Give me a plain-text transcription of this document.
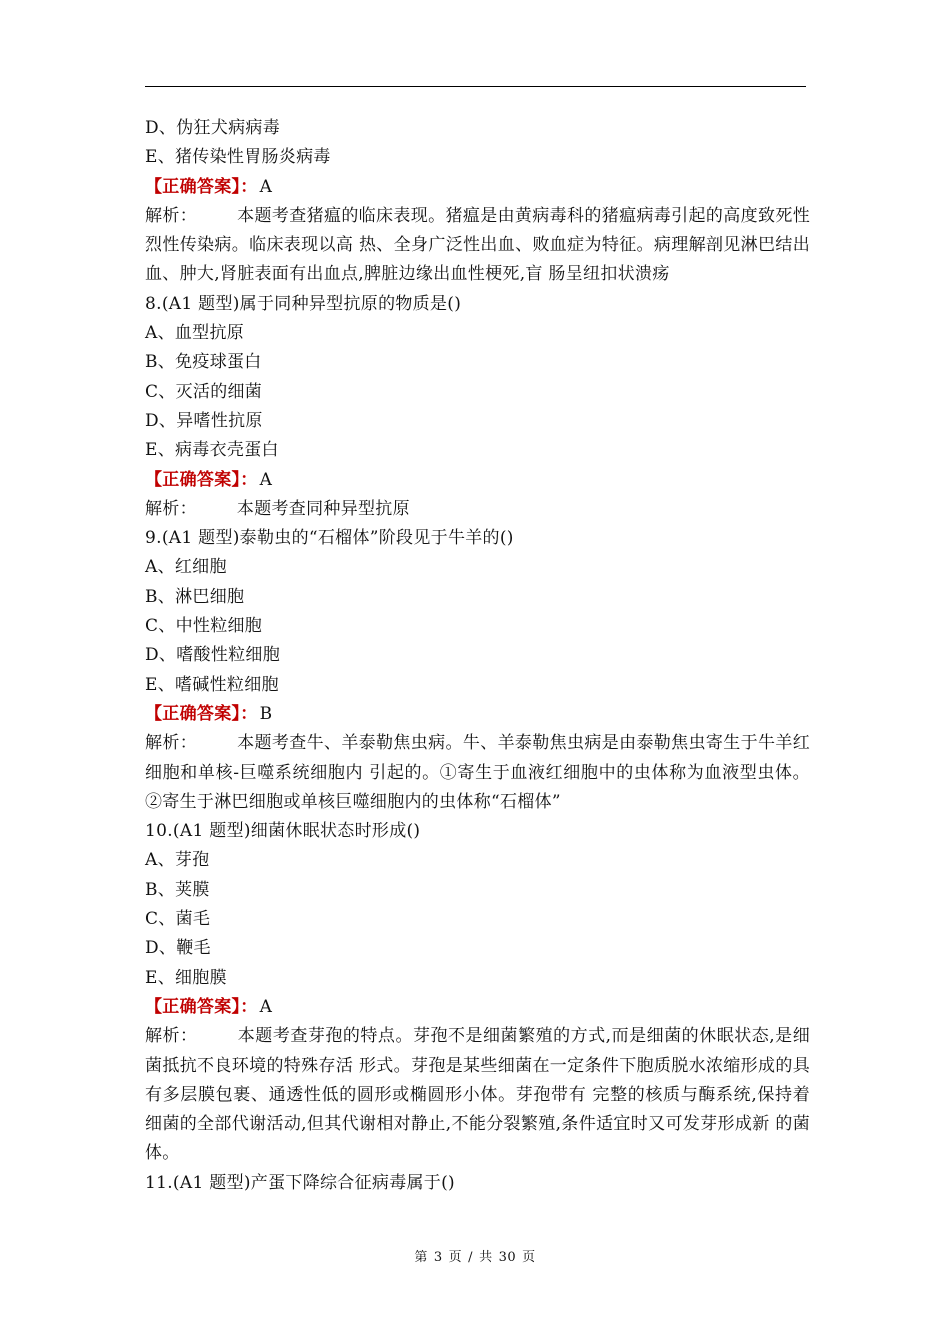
D、伪狂犬病病毒
E、猪传染性胃肠炎病毒
【正确答案】： A
解析： 本题考查猪瘟的临床表现。猪瘟是由黄病毒科的猪瘟病毒引起的高度致死性烈性传染病。临床表现以高 热、全身广泛性出血、败血症为特征。病理解剖见淋巴结出血、肿大,肾脏表面有出血点,脾脏边缘出血性梗死,盲 肠呈纽扣状溃疡
8.(A1 题型)属于同种异型抗原的物质是()
A、血型抗原
B、免疫球蛋白
C、灭活的细菌
D、异嗜性抗原
E、病毒衣壳蛋白
【正确答案】： A
解析： 本题考查同种异型抗原
9.(A1 题型)泰勒虫的“石榴体”阶段见于牛羊的()
A、红细胞
B、淋巴细胞
C、中性粒细胞
D、嗜酸性粒细胞
E、嗜碱性粒细胞
【正确答案】： B
解析： 本题考查牛、羊泰勒焦虫病。牛、羊泰勒焦虫病是由泰勒焦虫寄生于牛羊红细胞和单核-巨噬系统细胞内 引起的。①寄生于血液红细胞中的虫体称为血液型虫体。②寄生于淋巴细胞或单核巨噬细胞内的虫体称“石榴体”
10.(A1 题型)细菌休眠状态时形成()
A、芽孢
B、荚膜
C、菌毛
D、鞭毛
E、细胞膜
【正确答案】： A
解析： 本题考查芽孢的特点。芽孢不是细菌繁殖的方式,而是细菌的休眠状态,是细菌抵抗不良环境的特殊存活 形式。芽孢是某些细菌在一定条件下胞质脱水浓缩形成的具有多层膜包裹、通透性低的圆形或椭圆形小体。芽孢带有 完整的核质与酶系统,保持着细菌的全部代谢活动,但其代谢相对静止,不能分裂繁殖,条件适宜时又可发芽形成新 的菌体。
11.(A1 题型)产蛋下降综合征病毒属于()
第 3 页 / 共 30 页
